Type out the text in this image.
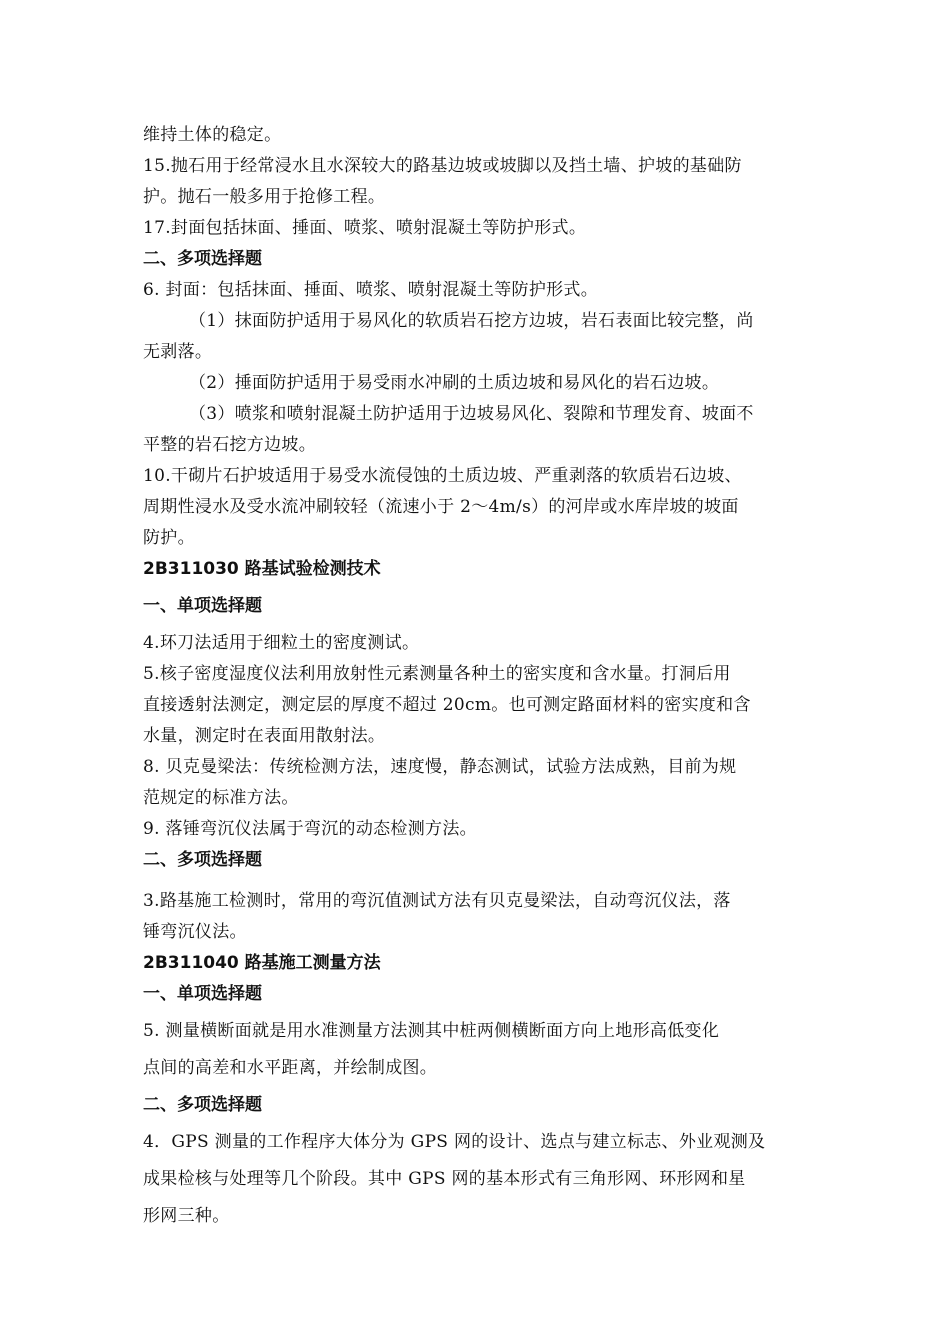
维持土体的稳定。
15.抛石用于经常浸水且水深较大的路基边坡或坡脚以及挡土墙、护坡的基础防
护。抛石一般多用于抢修工程。
17.封面包括抹面、捶面、喷浆、喷射混凝土等防护形式。
二、多项选择题
6. 封面：包括抹面、捶面、喷浆、喷射混凝土等防护形式。
（1）抹面防护适用于易风化的软质岩石挖方边坡，岩石表面比较完整，尚
无剥落。
（2）捶面防护适用于易受雨水冲刷的土质边坡和易风化的岩石边坡。
（3）喷浆和喷射混凝土防护适用于边坡易风化、裂隙和节理发育、坡面不
平整的岩石挖方边坡。
10.干砌片石护坡适用于易受水流侵蚀的土质边坡、严重剥落的软质岩石边坡、
周期性浸水及受水流冲刷较轻（流速小于 2～4m/s）的河岸或水库岸坡的坡面
防护。
2B311030 路基试验检测技术
一、单项选择题
4.环刀法适用于细粒土的密度测试。
5.核子密度湿度仪法利用放射性元素测量各种土的密实度和含水量。打洞后用
直接透射法测定，测定层的厚度不超过 20cm。也可测定路面材料的密实度和含
水量，测定时在表面用散射法。
8. 贝克曼梁法：传统检测方法，速度慢，静态测试，试验方法成熟，目前为规
范规定的标准方法。
9. 落锤弯沉仪法属于弯沉的动态检测方法。
二、多项选择题
3.路基施工检测时，常用的弯沉值测试方法有贝克曼梁法，自动弯沉仪法，落
锤弯沉仪法。
2B311040 路基施工测量方法
一、单项选择题
5. 测量横断面就是用水准测量方法测其中桩两侧横断面方向上地形高低变化
点间的高差和水平距离，并绘制成图。
二、多项选择题
4．GPS 测量的工作程序大体分为 GPS 网的设计、选点与建立标志、外业观测及
成果检核与处理等几个阶段。其中 GPS 网的基本形式有三角形网、环形网和星
形网三种。
